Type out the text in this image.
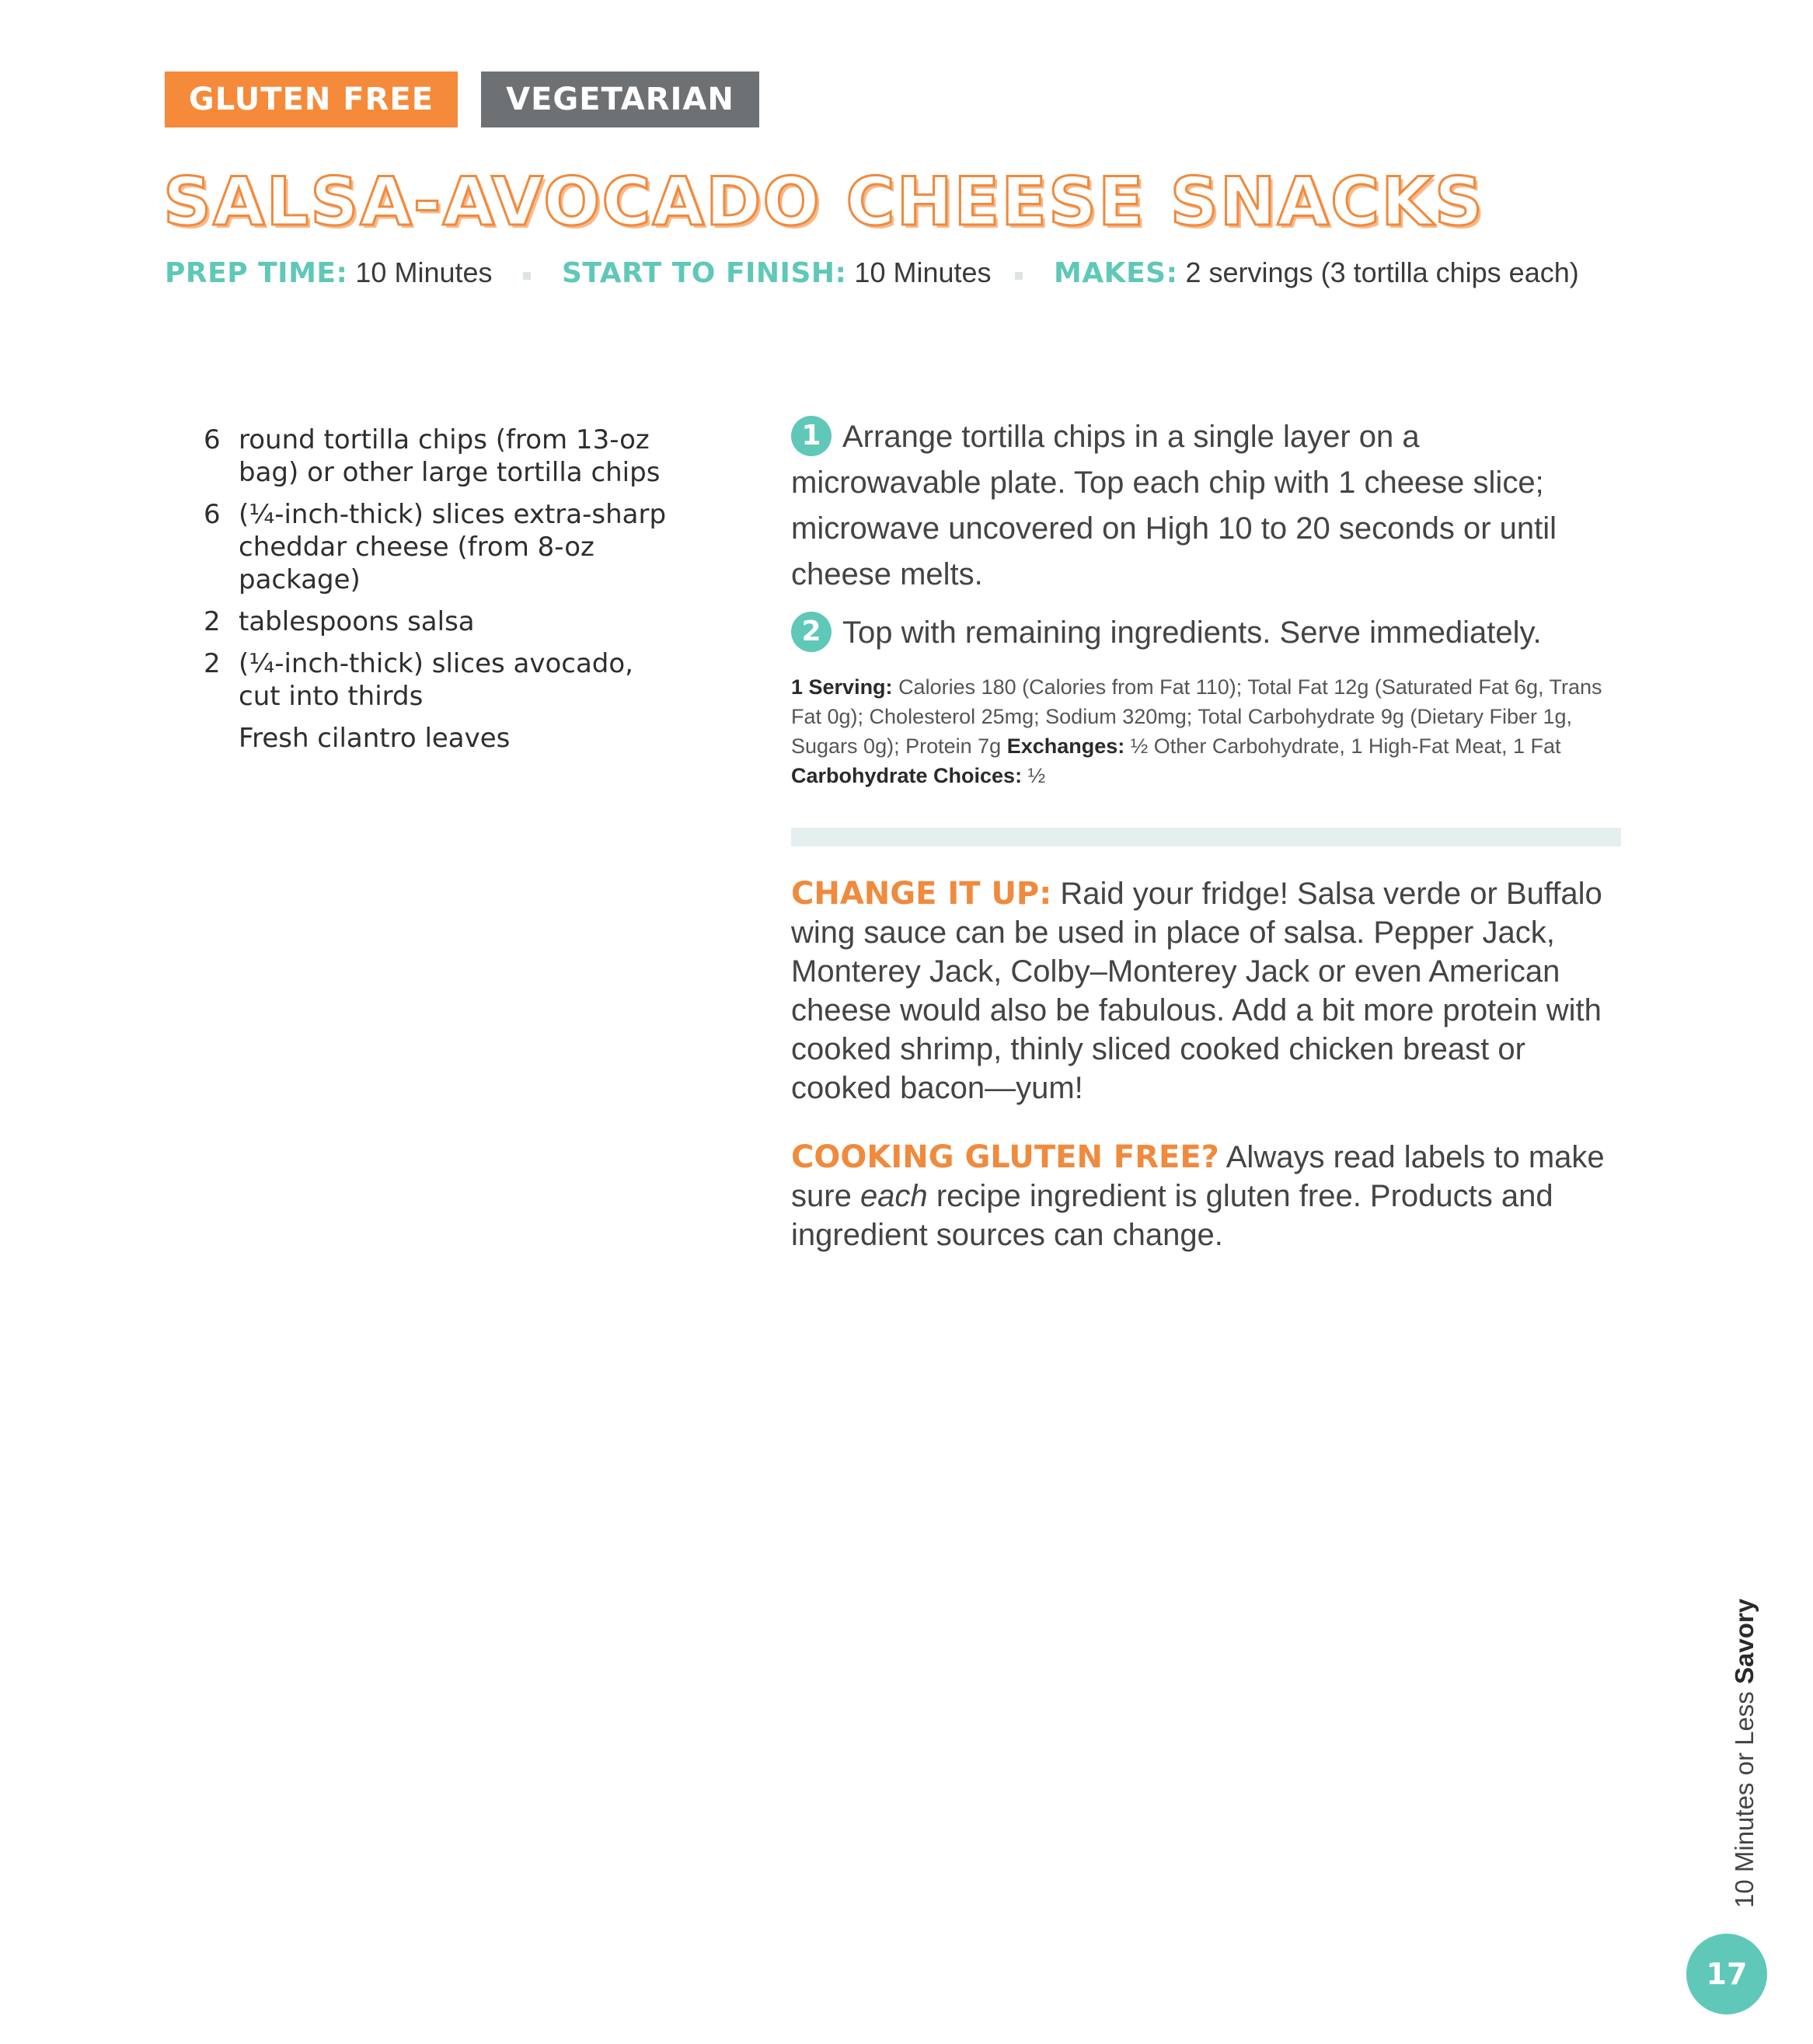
GLUTEN FREE	VEGETARIAN
SALSA-AVOCADO CHEESE SNACKS
PREP TIME: 10 Minutes START TO FINISH: 10 Minutes MAKES: 2 servings (3 tortilla chips each)
6 round tortilla chips (from 13-oz bag) or other large tortilla chips
6 (¼-inch-thick) slices extra-sharp cheddar cheese (from 8-oz package)
2 tablespoons salsa
2 (¼-inch-thick) slices avocado, cut into thirds
Fresh cilantro leaves
1 Arrange tortilla chips in a single layer on a microwavable plate. Top each chip with 1 cheese slice; microwave uncovered on High 10 to 20 seconds or until cheese melts.
2 Top with remaining ingredients. Serve immediately.
1 Serving: Calories 180 (Calories from Fat 110); Total Fat 12g (Saturated Fat 6g, Trans Fat 0g); Cholesterol 25mg; Sodium 320mg; Total Carbohydrate 9g (Dietary Fiber 1g, Sugars 0g); Protein 7g Exchanges: ½ Other Carbohydrate, 1 High-Fat Meat, 1 Fat Carbohydrate Choices: ½
CHANGE IT UP: Raid your fridge! Salsa verde or Buffalo wing sauce can be used in place of salsa. Pepper Jack, Monterey Jack, Colby–Monterey Jack or even American cheese would also be fabulous. Add a bit more protein with cooked shrimp, thinly sliced cooked chicken breast or cooked bacon—yum!
COOKING GLUTEN FREE? Always read labels to make sure each recipe ingredient is gluten free. Products and ingredient sources can change.
10 Minutes or Less Savory
17
